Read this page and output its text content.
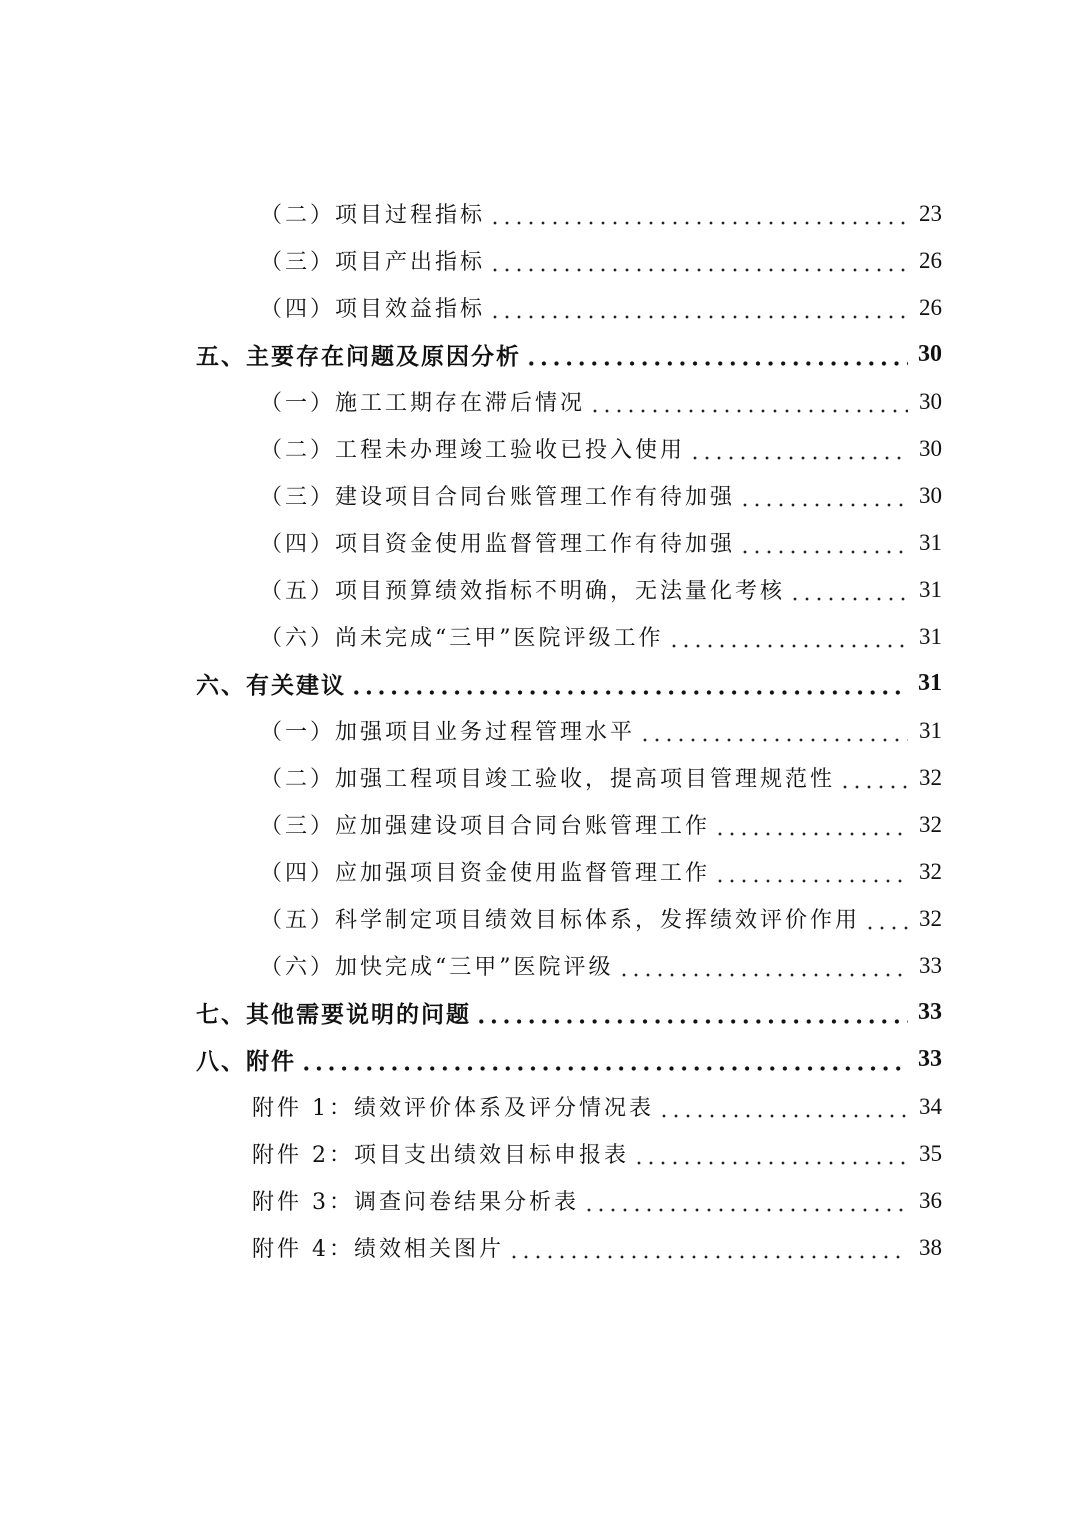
（二）项目过程指标	23
（三）项目产出指标	26
（四）项目效益指标	26
五、主要存在问题及原因分析	30
（一）施工工期存在滞后情况	30
（二）工程未办理竣工验收已投入使用	30
（三）建设项目合同台账管理工作有待加强	30
（四）项目资金使用监督管理工作有待加强	31
（五）项目预算绩效指标不明确，无法量化考核	31
（六）尚未完成“三甲”医院评级工作	31
六、有关建议	31
（一）加强项目业务过程管理水平	31
（二）加强工程项目竣工验收，提高项目管理规范性	32
（三）应加强建设项目合同台账管理工作	32
（四）应加强项目资金使用监督管理工作	32
（五）科学制定项目绩效目标体系，发挥绩效评价作用	32
（六）加快完成“三甲”医院评级	33
七、其他需要说明的问题	33
八、附件	33
附件 1：绩效评价体系及评分情况表	34
附件 2：项目支出绩效目标申报表	35
附件 3：调查问卷结果分析表	36
附件 4：绩效相关图片	38
